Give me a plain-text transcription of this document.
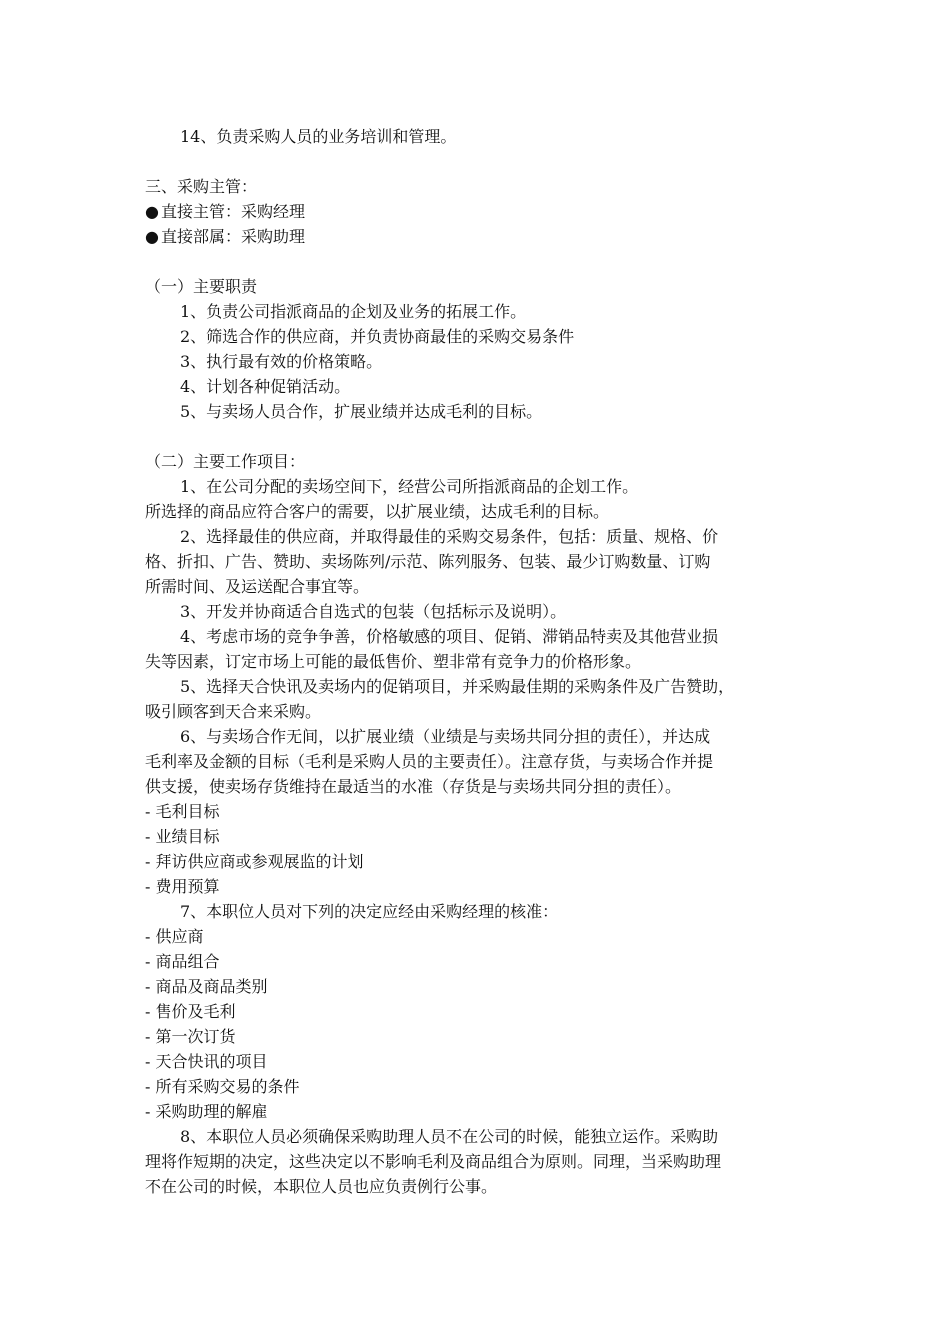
14、负责采购人员的业务培训和管理。
三、采购主管：
● 直接主管：采购经理
● 直接部属：采购助理
（一）主要职责
1、负责公司指派商品的企划及业务的拓展工作。
2、筛选合作的供应商，并负责协商最佳的采购交易条件
3、执行最有效的价格策略。
4、计划各种促销活动。
5、与卖场人员合作，扩展业绩并达成毛利的目标。
（二）主要工作项目：
1、在公司分配的卖场空间下，经营公司所指派商品的企划工作。
所选择的商品应符合客户的需要，以扩展业绩，达成毛利的目标。
2、选择最佳的供应商，并取得最佳的采购交易条件，包括：质量、规格、价
格、折扣、广告、赞助、卖场陈列/示范、陈列服务、包装、最少订购数量、订购
所需时间、及运送配合事宜等。
3、开发并协商适合自选式的包装（包括标示及说明）。
4、考虑市场的竞争争善，价格敏感的项目、促销、滞销品特卖及其他营业损
失等因素，订定市场上可能的最低售价、塑非常有竞争力的价格形象。
5、选择天合快讯及卖场内的促销项目，并采购最佳期的采购条件及广告赞助，
吸引顾客到天合来采购。
6、与卖场合作无间，以扩展业绩（业绩是与卖场共同分担的责任），并达成
毛利率及金额的目标（毛利是采购人员的主要责任）。注意存货，与卖场合作并提
供支援，使卖场存货维持在最适当的水准（存货是与卖场共同分担的责任）。
- 毛利目标
- 业绩目标
- 拜访供应商或参观展监的计划
- 费用预算
7、本职位人员对下列的决定应经由采购经理的核准：
- 供应商
- 商品组合
- 商品及商品类别
- 售价及毛利
- 第一次订货
- 天合快讯的项目
- 所有采购交易的条件
- 采购助理的解雇
8、本职位人员必须确保采购助理人员不在公司的时候，能独立运作。采购助
理将作短期的决定，这些决定以不影响毛利及商品组合为原则。同理，当采购助理
不在公司的时候，本职位人员也应负责例行公事。
